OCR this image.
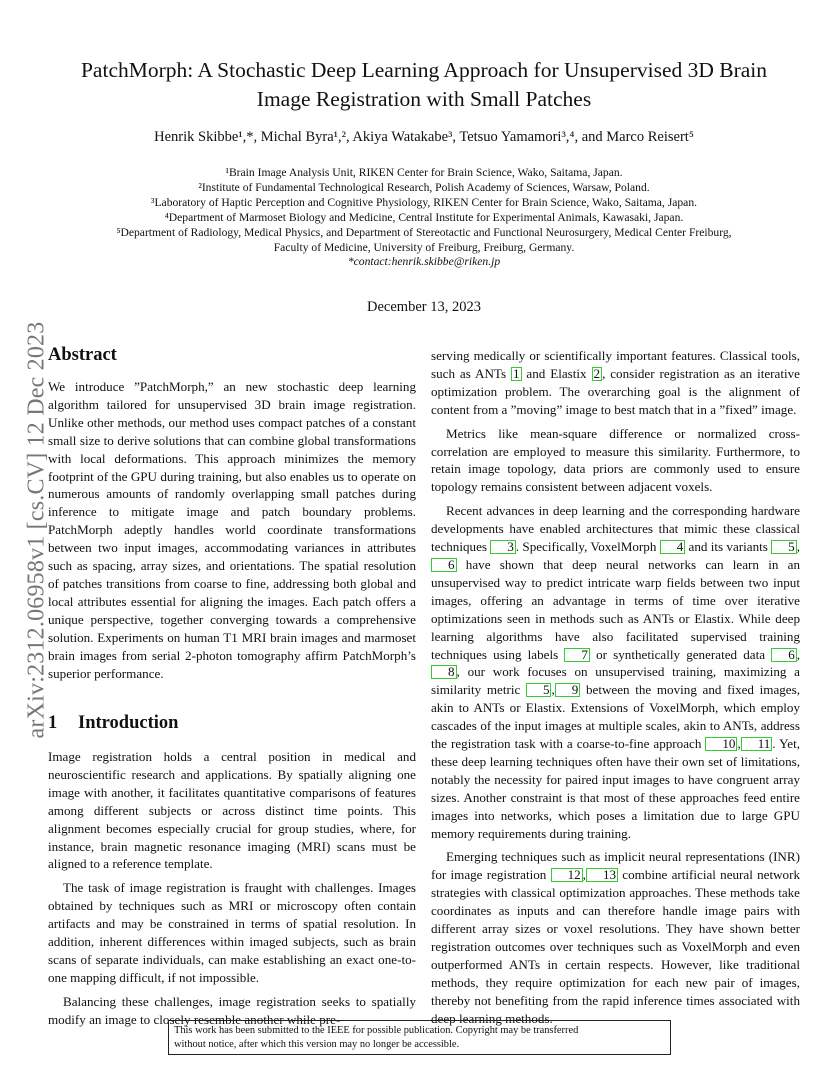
PatchMorph: A Stochastic Deep Learning Approach for Unsupervised 3D Brain
Image Registration with Small Patches
Henrik Skibbe¹,*, Michal Byra¹,², Akiya Watakabe³, Tetsuo Yamamori³,⁴, and Marco Reisert⁵
¹Brain Image Analysis Unit, RIKEN Center for Brain Science, Wako, Saitama, Japan.
²Institute of Fundamental Technological Research, Polish Academy of Sciences, Warsaw, Poland.
³Laboratory of Haptic Perception and Cognitive Physiology, RIKEN Center for Brain Science, Wako, Saitama, Japan.
⁴Department of Marmoset Biology and Medicine, Central Institute for Experimental Animals, Kawasaki, Japan.
⁵Department of Radiology, Medical Physics, and Department of Stereotactic and Functional Neurosurgery, Medical Center Freiburg,
Faculty of Medicine, University of Freiburg, Freiburg, Germany.
*contact:henrik.skibbe@riken.jp
December 13, 2023
arXiv:2312.06958v1 [cs.CV] 12 Dec 2023
Abstract

We introduce ”PatchMorph,” an new stochastic deep learning algorithm tailored for unsupervised 3D brain image registration. Unlike other methods, our method uses compact patches of a constant small size to derive solutions that can combine global transformations with local deformations. This approach minimizes the memory footprint of the GPU during training, but also enables us to operate on numerous amounts of randomly overlapping small patches during inference to mitigate image and patch boundary problems. PatchMorph adeptly handles world coordinate transformations between two input images, accommodating variances in attributes such as spacing, array sizes, and orientations. The spatial resolution of patches transitions from coarse to fine, addressing both global and local attributes essential for aligning the images. Each patch offers a unique perspective, together converging towards a comprehensive solution. Experiments on human T1 MRI brain images and marmoset brain images from serial 2-photon tomography affirm PatchMorph’s superior performance.

1 Introduction

Image registration holds a central position in medical and neuroscientific research and applications. By spatially aligning one image with another, it facilitates quantitative comparisons of features among different subjects or across distinct time points. This alignment becomes especially crucial for group studies, where, for instance, brain magnetic resonance imaging (MRI) scans must be aligned to a reference template.

The task of image registration is fraught with challenges. Images obtained by techniques such as MRI or microscopy often contain artifacts and may be constrained in terms of spatial resolution. In addition, inherent differences within imaged subjects, such as brain scans of separate individuals, can make establishing an exact one-to-one mapping difficult, if not impossible.

Balancing these challenges, image registration seeks to spatially modify an image to closely resemble another while pre-

serving medically or scientifically important features. Classical tools, such as ANTs 1 and Elastix 2 , consider registration as an iterative optimization problem. The overarching goal is the alignment of content from a ”moving” image to best match that in a ”fixed” image.

Metrics like mean-square difference or normalized cross-correlation are employed to measure this similarity. Furthermore, to retain image topology, data priors are commonly used to ensure topology remains consistent between adjacent voxels.

Recent advances in deep learning and the corresponding hardware developments have enabled architectures that mimic these classical techniques 3 . Specifically, VoxelMorph 4 and its variants 5 ,6 have shown that deep neural networks can learn in an unsupervised way to predict intricate warp fields between two input images, offering an advantage in terms of time over iterative optimizations seen in methods such as ANTs or Elastix. While deep learning algorithms have also facilitated supervised training techniques using labels 7 or synthetically generated data 6 ,8 , our work focuses on unsupervised training, maximizing a similarity metric 5 , 9 between the moving and fixed images, akin to ANTs or Elastix. Extensions of VoxelMorph, which employ cascades of the input images at multiple scales, akin to ANTs, address the registration task with a coarse-to-fine approach 10 , 11 . Yet, these deep learning techniques often have their own set of limitations, notably the necessity for paired input images to have congruent array sizes. Another constraint is that most of these approaches feed entire images into networks, which poses a limitation due to large GPU memory requirements during training.

Emerging techniques such as implicit neural representations (INR) for image registration 12 , 13 combine artificial neural network strategies with classical optimization approaches. These methods take coordinates as inputs and can therefore handle image pairs with different array sizes or voxel resolutions. They have shown better registration outcomes over techniques such as VoxelMorph and even outperformed ANTs in certain respects. However, like traditional methods, they require optimization for each new pair of images, thereby not benefiting from the rapid inference times associated with deep learning methods.

This work has been submitted to the IEEE for possible publication. Copyright may be transferred
without notice, after which this version may no longer be accessible.
